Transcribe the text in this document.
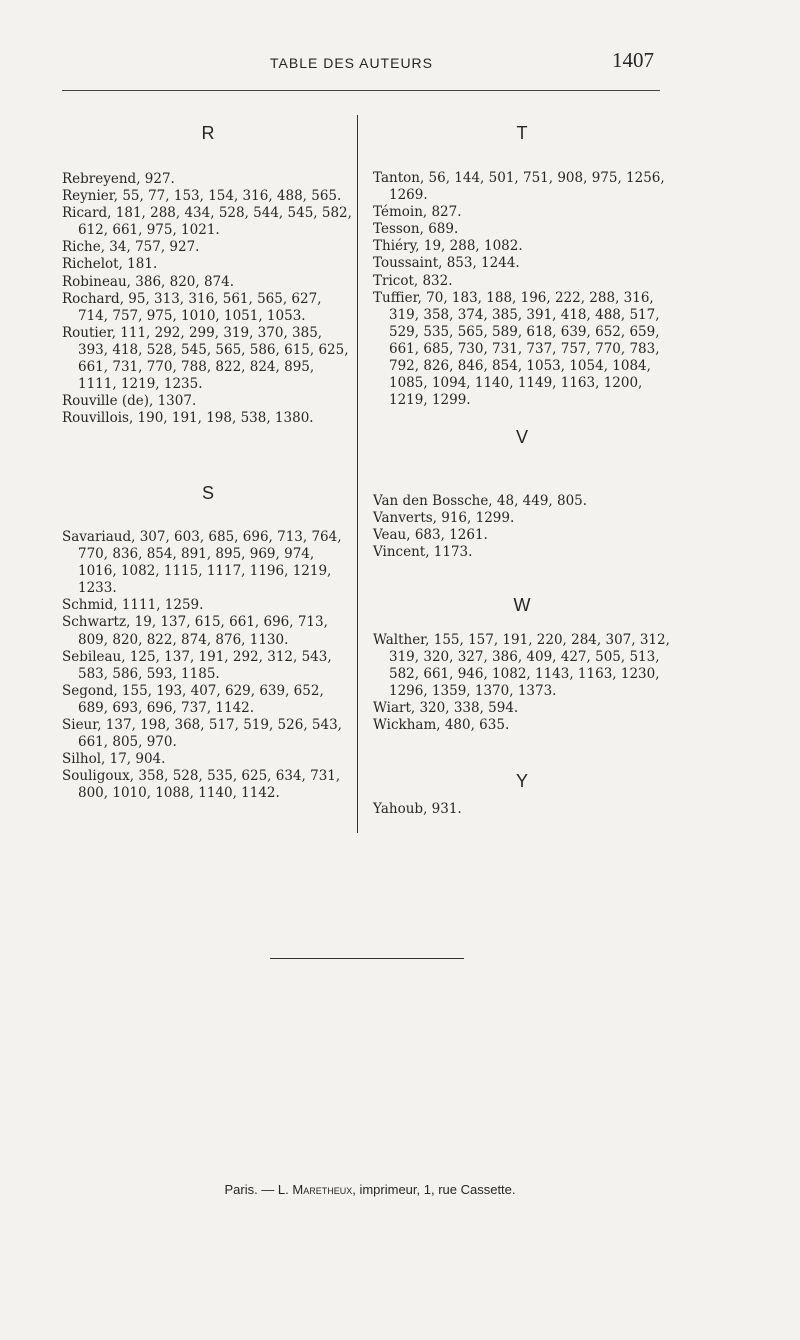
TABLE DES AUTEURS	1407
R
Rebreyend, 927.
Reynier, 55, 77, 153, 154, 316, 488, 565.
Ricard, 181, 288, 434, 528, 544, 545, 582, 612, 661, 975, 1021.
Riche, 34, 757, 927.
Richelot, 181.
Robineau, 386, 820, 874.
Rochard, 95, 313, 316, 561, 565, 627, 714, 757, 975, 1010, 1051, 1053.
Routier, 111, 292, 299, 319, 370, 385, 393, 418, 528, 545, 565, 586, 615, 625, 661, 731, 770, 788, 822, 824, 895, 1111, 1219, 1235.
Rouville (de), 1307.
Rouvillois, 190, 191, 198, 538, 1380.
S
Savariaud, 307, 603, 685, 696, 713, 764, 770, 836, 854, 891, 895, 969, 974, 1016, 1082, 1115, 1117, 1196, 1219, 1233.
Schmid, 1111, 1259.
Schwartz, 19, 137, 615, 661, 696, 713, 809, 820, 822, 874, 876, 1130.
Sebileau, 125, 137, 191, 292, 312, 543, 583, 586, 593, 1185.
Segond, 155, 193, 407, 629, 639, 652, 689, 693, 696, 737, 1142.
Sieur, 137, 198, 368, 517, 519, 526, 543, 661, 805, 970.
Silhol, 17, 904.
Souligoux, 358, 528, 535, 625, 634, 731, 800, 1010, 1088, 1140, 1142.
T
Tanton, 56, 144, 501, 751, 908, 975, 1256, 1269.
Témoin, 827.
Tesson, 689.
Thiéry, 19, 288, 1082.
Toussaint, 853, 1244.
Tricot, 832.
Tuffier, 70, 183, 188, 196, 222, 288, 316, 319, 358, 374, 385, 391, 418, 488, 517, 529, 535, 565, 589, 618, 639, 652, 659, 661, 685, 730, 731, 737, 757, 770, 783, 792, 826, 846, 854, 1053, 1054, 1084, 1085, 1094, 1140, 1149, 1163, 1200, 1219, 1299.
V
Van den Bossche, 48, 449, 805.
Vanverts, 916, 1299.
Veau, 683, 1261.
Vincent, 1173.
W
Walther, 155, 157, 191, 220, 284, 307, 312, 319, 320, 327, 386, 409, 427, 505, 513, 582, 661, 946, 1082, 1143, 1163, 1230, 1296, 1359, 1370, 1373.
Wiart, 320, 338, 594.
Wickham, 480, 635.
Y
Yahoub, 931.
Paris. — L. Maretheux, imprimeur, 1, rue Cassette.
